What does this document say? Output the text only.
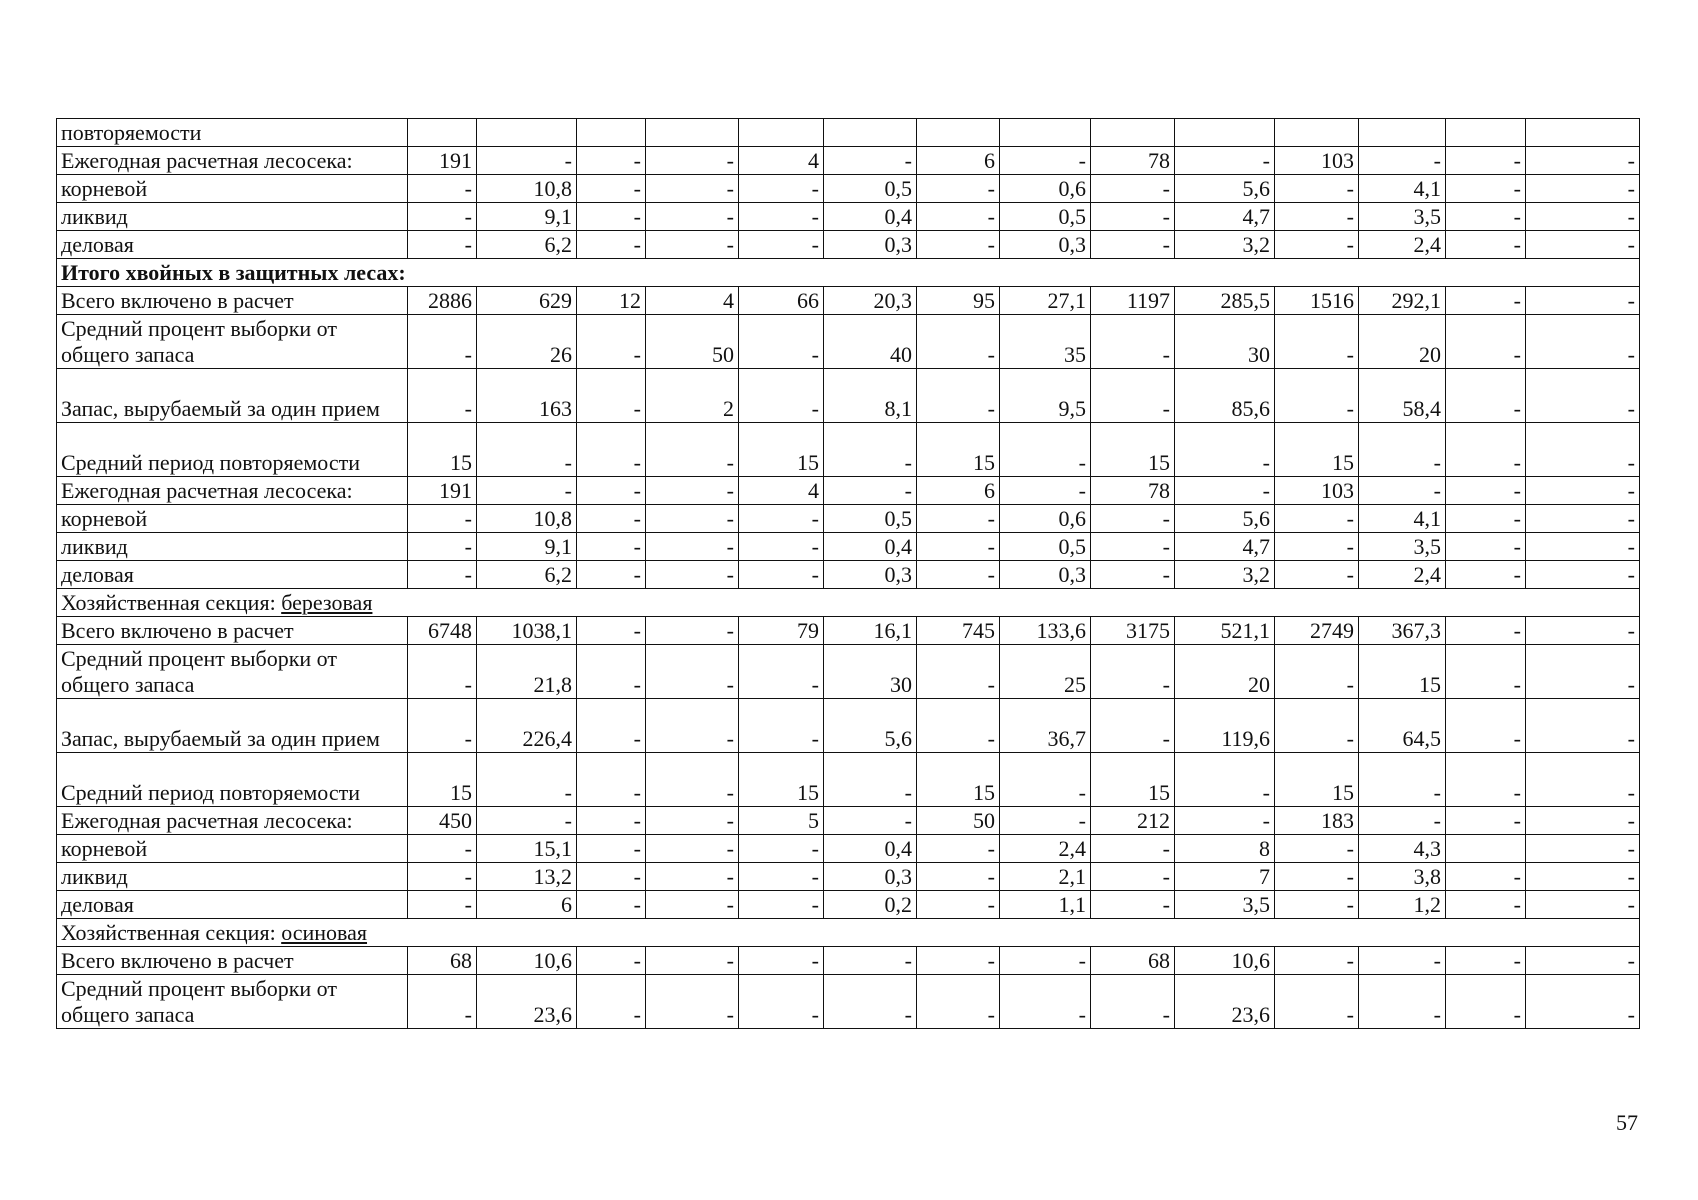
повторяемости														
Ежегодная расчетная лесосека:	191	-	-	-	4	-	6	-	78	-	103	-	-	-
корневой	-	10,8	-	-	-	0,5	-	0,6	-	5,6	-	4,1	-	-
ликвид	-	9,1	-	-	-	0,4	-	0,5	-	4,7	-	3,5	-	-
деловая	-	6,2	-	-	-	0,3	-	0,3	-	3,2	-	2,4	-	-
Итого хвойных в защитных лесах:														
Всего включено в расчет	2886	629	12	4	66	20,3	95	27,1	1197	285,5	1516	292,1	-	-
Средний процент выборки от общего запаса	-	26	-	50	-	40	-	35	-	30	-	20	-	-
Запас, вырубаемый за один прием	-	163	-	2	-	8,1	-	9,5	-	85,6	-	58,4	-	-
Средний период повторяемости	15	-	-	-	15	-	15	-	15	-	15	-	-	-
Ежегодная расчетная лесосека:	191	-	-	-	4	-	6	-	78	-	103	-	-	-
корневой	-	10,8	-	-	-	0,5	-	0,6	-	5,6	-	4,1	-	-
ликвид	-	9,1	-	-	-	0,4	-	0,5	-	4,7	-	3,5	-	-
деловая	-	6,2	-	-	-	0,3	-	0,3	-	3,2	-	2,4	-	-
Хозяйственная секция: березовая														
Всего включено в расчет	6748	1038,1	-	-	79	16,1	745	133,6	3175	521,1	2749	367,3	-	-
Средний процент выборки от общего запаса	-	21,8	-	-	-	30	-	25	-	20	-	15	-	-
Запас, вырубаемый за один прием	-	226,4	-	-	-	5,6	-	36,7	-	119,6	-	64,5	-	-
Средний период повторяемости	15	-	-	-	15	-	15	-	15	-	15	-	-	-
Ежегодная расчетная лесосека:	450	-	-	-	5	-	50	-	212	-	183	-	-	-
корневой	-	15,1	-	-	-	0,4	-	2,4	-	8	-	4,3		-
ликвид	-	13,2	-	-	-	0,3	-	2,1	-	7	-	3,8	-	-
деловая	-	6	-	-	-	0,2	-	1,1	-	3,5	-	1,2	-	-
Хозяйственная секция: осиновая														
Всего включено в расчет	68	10,6	-	-	-	-	-	-	68	10,6	-	-	-	-
Средний процент выборки от общего запаса	-	23,6	-	-	-	-	-	-	-	23,6	-	-	-	-
57
